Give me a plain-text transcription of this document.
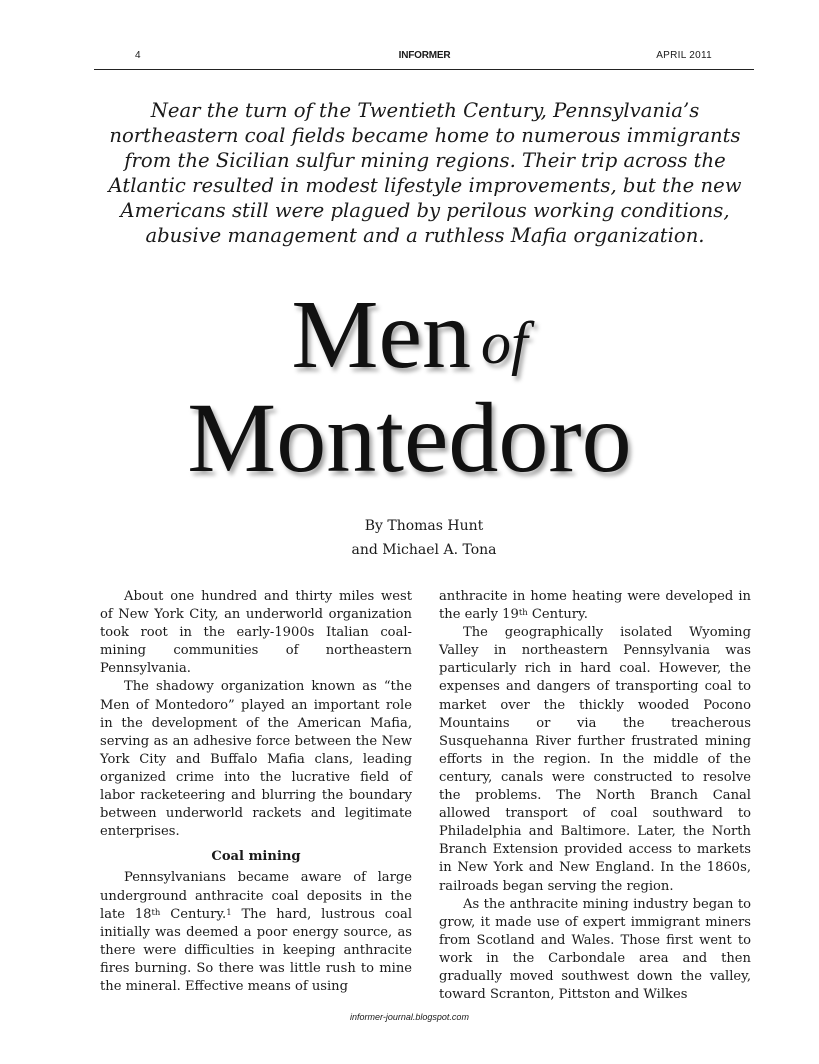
4	INFORMER	APRIL 2011
Near the turn of the Twentieth Century, Pennsylvania’s northeastern coal fields became home to numerous immigrants from the Sicilian sulfur mining regions. Their trip across the Atlantic resulted in modest lifestyle improvements, but the new Americans still were plagued by perilous working conditions, abusive management and a ruthless Mafia organization.
Men of
Montedoro
By Thomas Hunt
and Michael A. Tona

About one hundred and thirty miles west of New York City, an underworld organization took root in the early-1900s Italian coal-mining communities of northeastern Pennsylvania.

The shadowy organization known as “the Men of Montedoro” played an important role in the development of the American Mafia, serving as an adhesive force between the New York City and Buffalo Mafia clans, leading organized crime into the lucrative field of labor racketeering and blurring the boundary between underworld rackets and legitimate enterprises.

Coal mining

Pennsylvanians became aware of large underground anthracite coal deposits in the late 18th Century.$^1$ The hard, lustrous coal initially was deemed a poor energy source, as there were difficulties in keeping anthracite fires burning. So there was little rush to mine the mineral. Effective means of using

anthracite in home heating were developed in the early 19th Century.

The geographically isolated Wyoming Valley in northeastern Pennsylvania was particularly rich in hard coal. However, the expenses and dangers of transporting coal to market over the thickly wooded Pocono Mountains or via the treacherous Susquehanna River further frustrated mining efforts in the region. In the middle of the century, canals were constructed to resolve the problems. The North Branch Canal allowed transport of coal southward to Philadelphia and Baltimore. Later, the North Branch Extension provided access to markets in New York and New England. In the 1860s, railroads began serving the region.

As the anthracite mining industry began to grow, it made use of expert immigrant miners from Scotland and Wales. Those first went to work in the Carbondale area and then gradually moved southwest down the valley, toward Scranton, Pittston and Wilkes

informer-journal.blogspot.com
